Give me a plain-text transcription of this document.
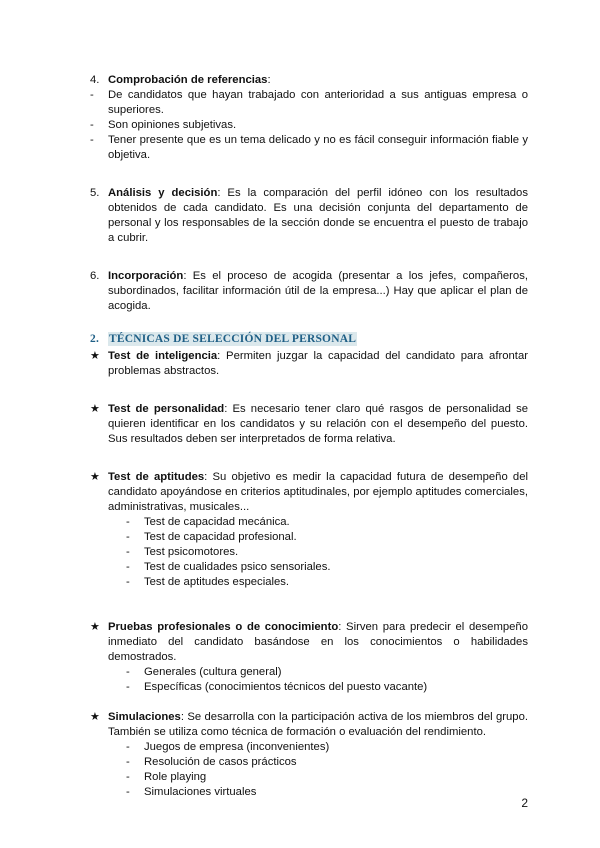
4. Comprobación de referencias:
- De candidatos que hayan trabajado con anterioridad a sus antiguas empresa o superiores.
- Son opiniones subjetivas.
- Tener presente que es un tema delicado y no es fácil conseguir información fiable y objetiva.
5. Análisis y decisión: Es la comparación del perfil idóneo con los resultados obtenidos de cada candidato. Es una decisión conjunta del departamento de personal y los responsables de la sección donde se encuentra el puesto de trabajo a cubrir.
6. Incorporación: Es el proceso de acogida (presentar a los jefes, compañeros, subordinados, facilitar información útil de la empresa...) Hay que aplicar el plan de acogida.
2. TÉCNICAS DE SELECCIÓN DEL PERSONAL
★ Test de inteligencia: Permiten juzgar la capacidad del candidato para afrontar problemas abstractos.
★ Test de personalidad: Es necesario tener claro qué rasgos de personalidad se quieren identificar en los candidatos y su relación con el desempeño del puesto. Sus resultados deben ser interpretados de forma relativa.
★ Test de aptitudes: Su objetivo es medir la capacidad futura de desempeño del candidato apoyándose en criterios aptitudinales, por ejemplo aptitudes comerciales, administrativas, musicales...
- Test de capacidad mecánica.
- Test de capacidad profesional.
- Test psicomotores.
- Test de cualidades psico sensoriales.
- Test de aptitudes especiales.
★ Pruebas profesionales o de conocimiento: Sirven para predecir el desempeño inmediato del candidato basándose en los conocimientos o habilidades demostrados.
- Generales (cultura general)
- Específicas (conocimientos técnicos del puesto vacante)
★ Simulaciones: Se desarrolla con la participación activa de los miembros del grupo. También se utiliza como técnica de formación o evaluación del rendimiento.
- Juegos de empresa (inconvenientes)
- Resolución de casos prácticos
- Role playing
- Simulaciones virtuales
2
